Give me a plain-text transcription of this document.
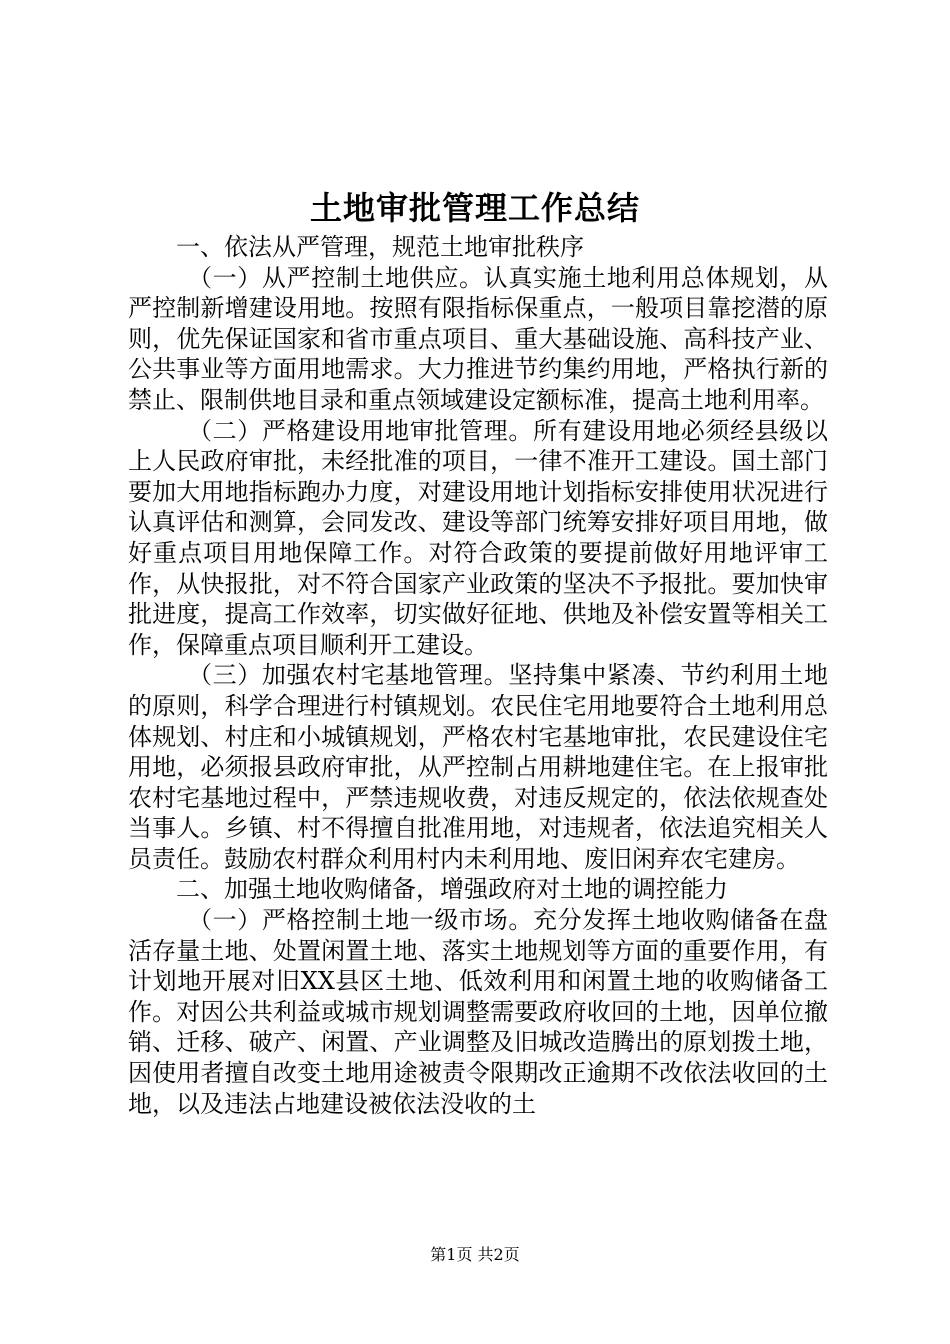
土地审批管理工作总结

一、依法从严管理，规范土地审批秩序

（一）从严控制土地供应。认真实施土地利用总体规划，从严控制新增建设用地。按照有限指标保重点，一般项目靠挖潜的原则，优先保证国家和省市重点项目、重大基础设施、高科技产业、公共事业等方面用地需求。大力推进节约集约用地，严格执行新的禁止、限制供地目录和重点领域建设定额标准，提高土地利用率。

（二）严格建设用地审批管理。所有建设用地必须经县级以上人民政府审批，未经批准的项目，一律不准开工建设。国土部门要加大用地指标跑办力度，对建设用地计划指标安排使用状况进行认真评估和测算，会同发改、建设等部门统筹安排好项目用地，做好重点项目用地保障工作。对符合政策的要提前做好用地评审工作，从快报批，对不符合国家产业政策的坚决不予报批。要加快审批进度，提高工作效率，切实做好征地、供地及补偿安置等相关工作，保障重点项目顺利开工建设。

（三）加强农村宅基地管理。坚持集中紧凑、节约利用土地的原则，科学合理进行村镇规划。农民住宅用地要符合土地利用总体规划、村庄和小城镇规划，严格农村宅基地审批，农民建设住宅用地，必须报县政府审批，从严控制占用耕地建住宅。在上报审批农村宅基地过程中，严禁违规收费，对违反规定的，依法依规查处当事人。乡镇、村不得擅自批准用地，对违规者，依法追究相关人员责任。鼓励农村群众利用村内未利用地、废旧闲弃农宅建房。

二、加强土地收购储备，增强政府对土地的调控能力

（一）严格控制土地一级市场。充分发挥土地收购储备在盘活存量土地、处置闲置土地、落实土地规划等方面的重要作用，有计划地开展对旧XX县区土地、低效利用和闲置土地的收购储备工作。对因公共利益或城市规划调整需要政府收回的土地，因单位撤销、迁移、破产、闲置、产业调整及旧城改造腾出的原划拨土地，因使用者擅自改变土地用途被责令限期改正逾期不改依法收回的土地，以及违法占地建设被依法没收的土

第1页 共2页
